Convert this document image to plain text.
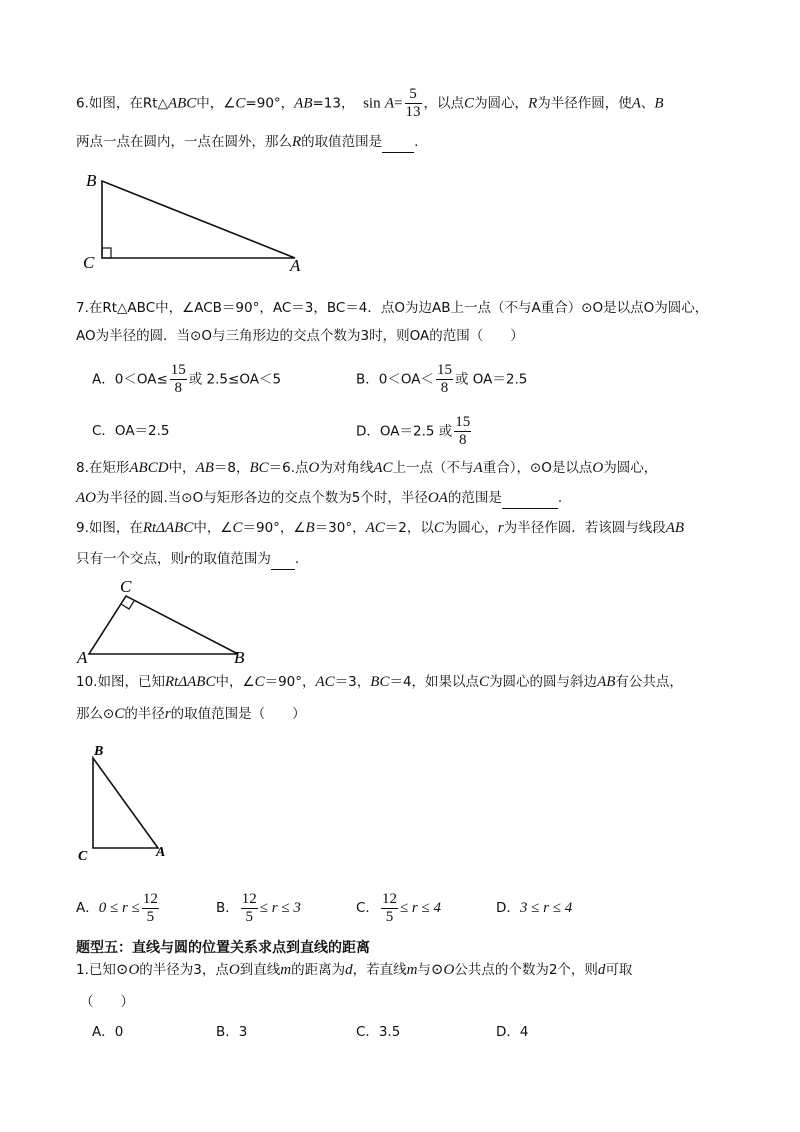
6.如图，在Rt△ABC中，∠C=90°，AB=13， $\sin A= \frac{5}{13}$ ，以点C为圆心，R为半径作圆，使A、B
两点一点在圆内，一点在圆外，那么R的取值范围是 .
B
C	A
7.在Rt△ABC中，∠ACB＝90°，AC＝3，BC＝4．点O为边AB上一点（不与A重合）⊙O是以点O为圆心，
AO为半径的圆．当⊙O与三角形边的交点个数为3时，则OA的范围（　　）
A．$0<OA\le \frac{15}{8}$ 或 2.5≤OA＜5	B．$0<OA< \frac{15}{8}$ 或 OA＝2.5
C．OA＝2.5	D．OA＝2.5 或 $\frac{15}{8}$
8.在矩形ABCD中，AB＝8，BC＝6.点O为对角线AC上一点（不与A重合），⊙O是以点O为圆心，
AO为半径的圆.当⊙O与矩形各边的交点个数为5个时，半径OA的范围是	.
9.如图，在RtΔABC中，∠C＝90°，∠B＝30°，AC＝2，以C为圆心，r为半径作圆．若该圆与线段AB
只有一个交点，则r的取值范围为 .
C
A	B
10.如图，已知RtΔABC中，∠C＝90°，AC＝3，BC＝4，如果以点C为圆心的圆与斜边AB有公共点，
那么⊙C的半径r的取值范围是（　　）
B
C	A
A．$0 \le r \le \frac{12}{5}$	B． $\frac{12}{5} \le r \le 3$	C． $\frac{12}{5} \le r \le 4$	D．3 ≤ r ≤ 4
题型五：直线与圆的位置关系求点到直线的距离
1.已知⊙O的半径为3，点O到直线m的距离为d，若直线m与⊙O公共点的个数为2个，则d可取
（　　）
A．0	B．3	C．3.5	D．4
